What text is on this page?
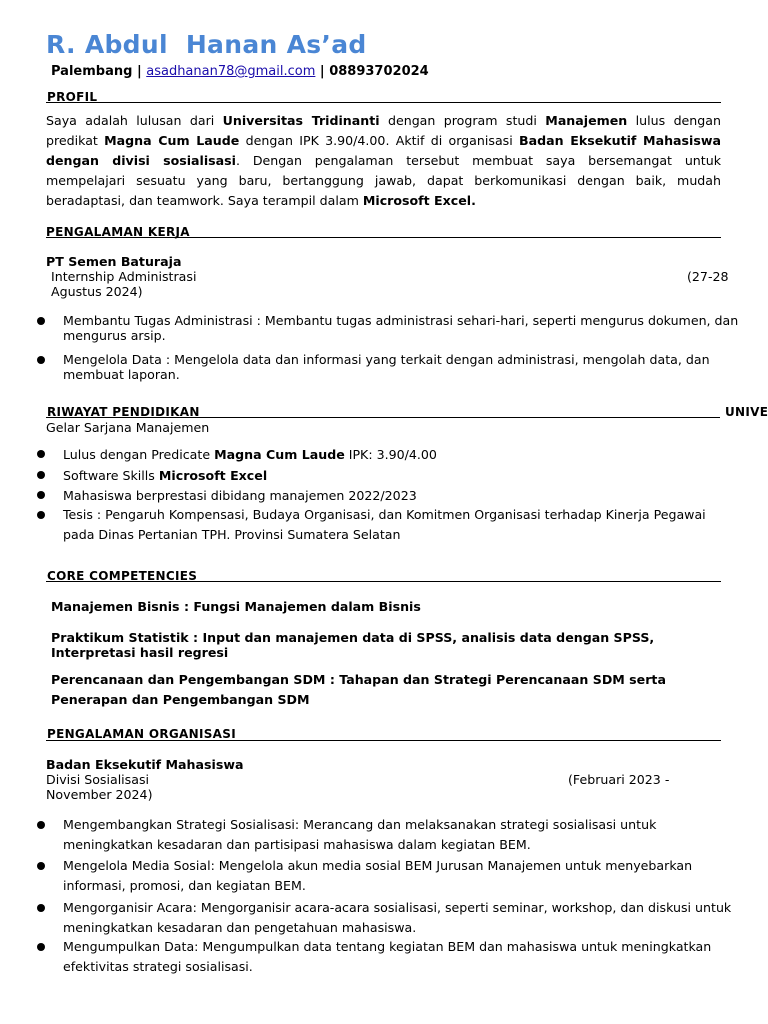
R. Abdul  Hanan As’ad
Palembang | asadhanan78@gmail.com | 08893702024
PROFIL
Saya adalah lulusan dari Universitas Tridinanti dengan program studi Manajemen lulus dengan predikat Magna Cum Laude dengan IPK 3.90/4.00. Aktif di organisasi Badan Eksekutif Mahasiswa dengan divisi sosialisasi. Dengan pengalaman tersebut membuat saya bersemangat untuk mempelajari sesuatu yang baru, bertanggung jawab, dapat berkomunikasi dengan baik, mudah beradaptasi, dan teamwork. Saya terampil dalam Microsoft Excel.
PENGALAMAN KERJA
PT Semen Baturaja
Internship Administrasi	(27-28
Agustus 2024)
Membantu Tugas Administrasi : Membantu tugas administrasi sehari-hari, seperti mengurus dokumen, dan mengurus arsip.
Mengelola Data : Mengelola data dan informasi yang terkait dengan administrasi, mengolah data, dan membuat laporan.
RIWAYAT PENDIDIKAN	UNIVE
Gelar Sarjana Manajemen
Lulus dengan Predicate Magna Cum Laude IPK: 3.90/4.00
Software Skills Microsoft Excel
Mahasiswa berprestasi dibidang manajemen 2022/2023
Tesis : Pengaruh Kompensasi, Budaya Organisasi, dan Komitmen Organisasi terhadap Kinerja Pegawai pada Dinas Pertanian TPH. Provinsi Sumatera Selatan
CORE COMPETENCIES
Manajemen Bisnis : Fungsi Manajemen dalam Bisnis
Praktikum Statistik : Input dan manajemen data di SPSS, analisis data dengan SPSS, Interpretasi hasil regresi
Perencanaan dan Pengembangan SDM : Tahapan dan Strategi Perencanaan SDM serta Penerapan dan Pengembangan SDM
PENGALAMAN ORGANISASI
Badan Eksekutif Mahasiswa
Divisi Sosialisasi	(Februari 2023 -
November 2024)
Mengembangkan Strategi Sosialisasi: Merancang dan melaksanakan strategi sosialisasi untuk meningkatkan kesadaran dan partisipasi mahasiswa dalam kegiatan BEM.
Mengelola Media Sosial: Mengelola akun media sosial BEM Jurusan Manajemen untuk menyebarkan informasi, promosi, dan kegiatan BEM.
Mengorganisir Acara: Mengorganisir acara-acara sosialisasi, seperti seminar, workshop, dan diskusi untuk meningkatkan kesadaran dan pengetahuan mahasiswa.
Mengumpulkan Data: Mengumpulkan data tentang kegiatan BEM dan mahasiswa untuk meningkatkan efektivitas strategi sosialisasi.
